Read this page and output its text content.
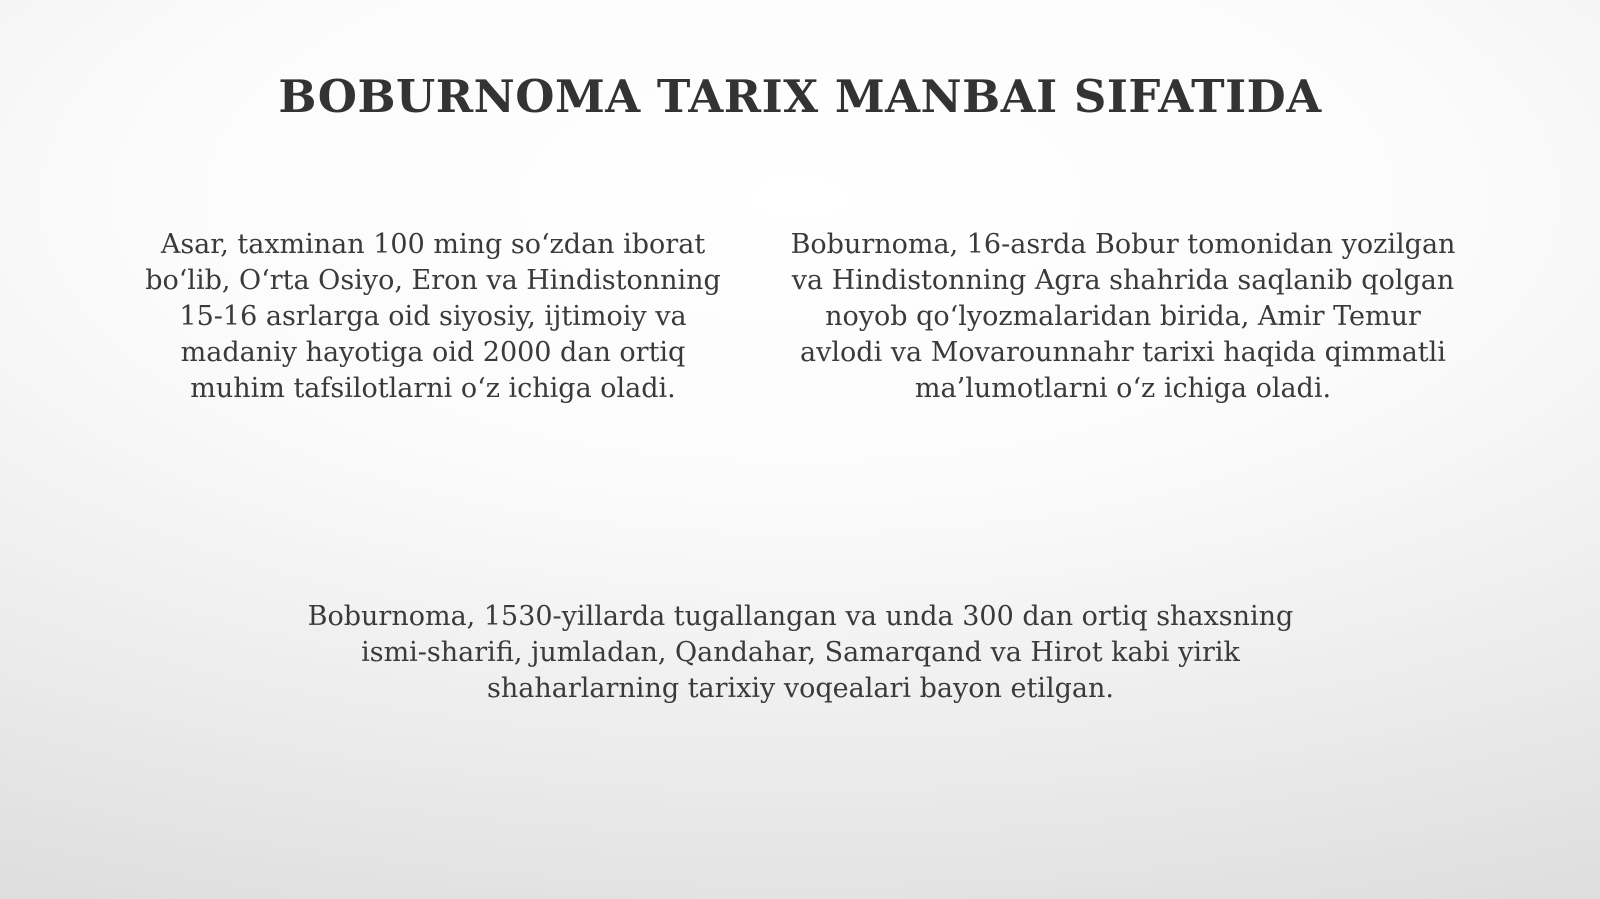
BOBURNOMA TARIX MANBAI SIFATIDA
Asar, taxminan 100 ming so‘zdan iborat
bo‘lib, O‘rta Osiyo, Eron va Hindistonning
15-16 asrlarga oid siyosiy, ijtimoiy va
madaniy hayotiga oid 2000 dan ortiq
muhim tafsilotlarni o‘z ichiga oladi.
Boburnoma, 16-asrda Bobur tomonidan yozilgan
va Hindistonning Agra shahrida saqlanib qolgan
noyob qo‘lyozmalaridan birida, Amir Temur
avlodi va Movarounnahr tarixi haqida qimmatli
ma’lumotlarni o‘z ichiga oladi.
Boburnoma, 1530-yillarda tugallangan va unda 300 dan ortiq shaxsning
ismi-sharifi, jumladan, Qandahar, Samarqand va Hirot kabi yirik
shaharlarning tarixiy voqealari bayon etilgan.
